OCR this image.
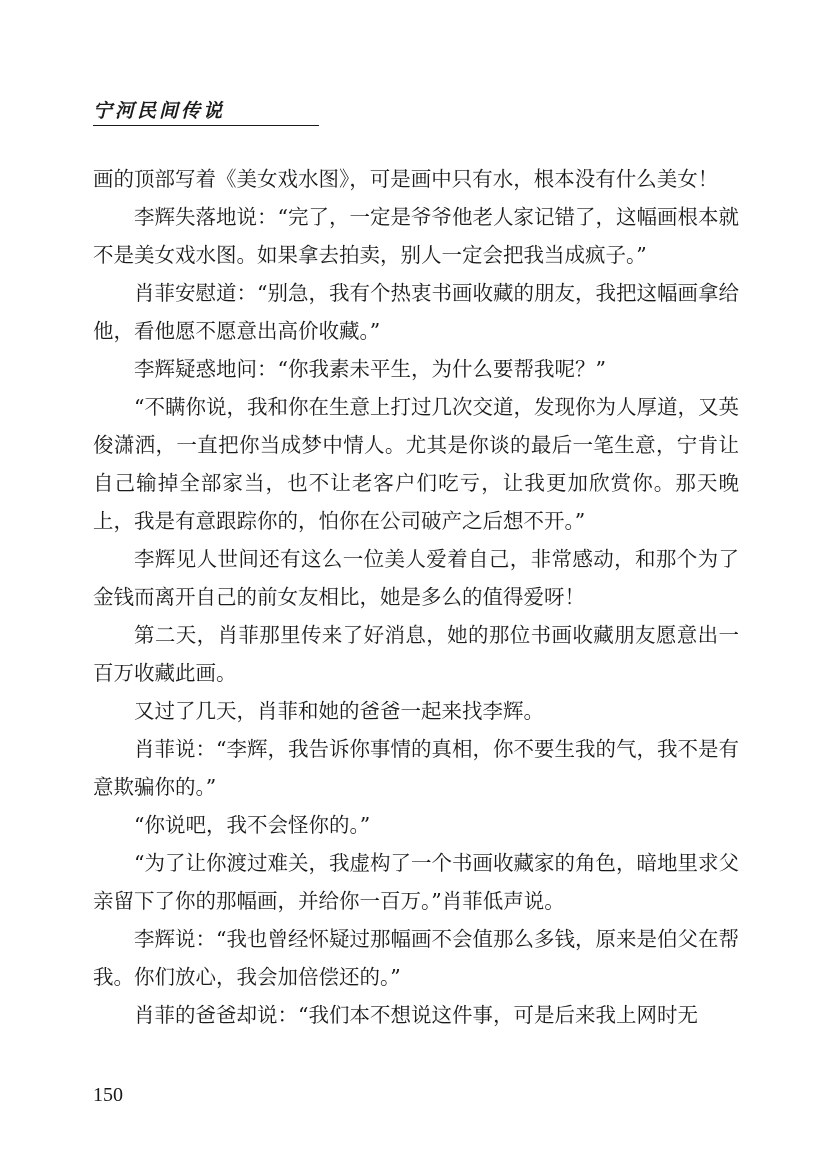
宁河民间传说

画的顶部写着《美女戏水图》，可是画中只有水，根本没有什么美女！

李辉失落地说：“完了，一定是爷爷他老人家记错了，这幅画根本就不是美女戏水图。如果拿去拍卖，别人一定会把我当成疯子。”

肖菲安慰道：“别急，我有个热衷书画收藏的朋友，我把这幅画拿给他，看他愿不愿意出高价收藏。”

李辉疑惑地问：“你我素未平生，为什么要帮我呢？”

“不瞒你说，我和你在生意上打过几次交道，发现你为人厚道，又英俊潇洒，一直把你当成梦中情人。尤其是你谈的最后一笔生意，宁肯让自己输掉全部家当，也不让老客户们吃亏，让我更加欣赏你。那天晚上，我是有意跟踪你的，怕你在公司破产之后想不开。”

李辉见人世间还有这么一位美人爱着自己，非常感动，和那个为了金钱而离开自己的前女友相比，她是多么的值得爱呀！

第二天，肖菲那里传来了好消息，她的那位书画收藏朋友愿意出一百万收藏此画。

又过了几天，肖菲和她的爸爸一起来找李辉。

肖菲说：“李辉，我告诉你事情的真相，你不要生我的气，我不是有意欺骗你的。”

“你说吧，我不会怪你的。”

“为了让你渡过难关，我虚构了一个书画收藏家的角色，暗地里求父亲留下了你的那幅画，并给你一百万。”肖菲低声说。

李辉说：“我也曾经怀疑过那幅画不会值那么多钱，原来是伯父在帮我。你们放心，我会加倍偿还的。”

肖菲的爸爸却说：“我们本不想说这件事，可是后来我上网时无

150
